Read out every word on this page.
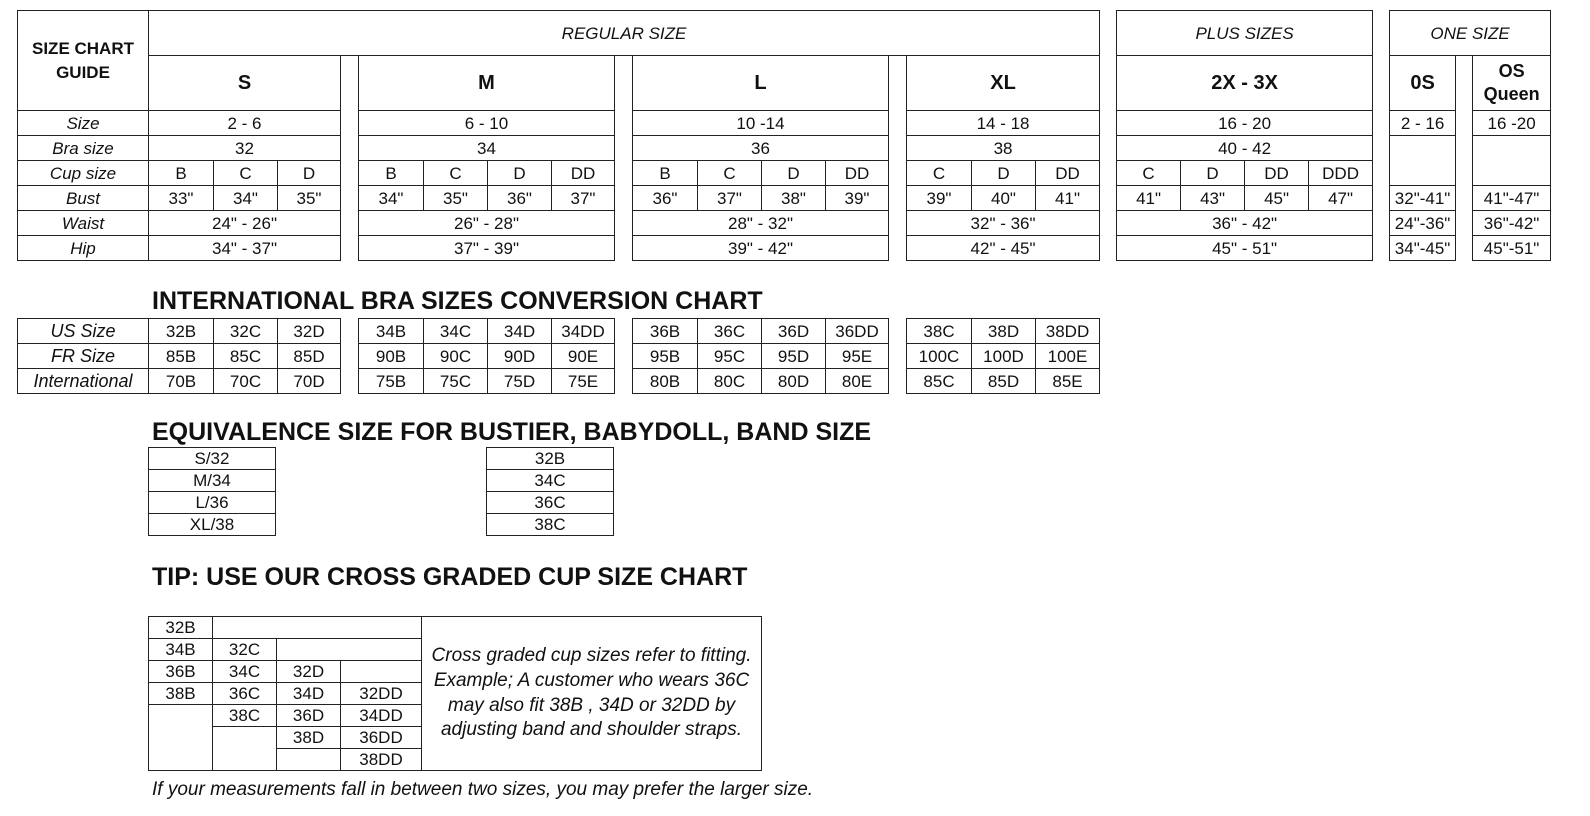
SIZE CHART GUIDE	REGULAR SIZE																		PLUS SIZES					ONE SIZE		
	S				M					L					XL				2X - 3X					0S		OS Queen
Size	2 - 6				6 - 10					10 -14					14 - 18				16 - 20					2 - 16		16 -20
Bra size	32				34					36					38				40 - 42							
Cup size	B	C	D		B	C	D	DD		B	C	D	DD		C	D	DD		C	D	DD	DDD				
Bust	33"	34"	35"		34"	35"	36"	37"		36"	37"	38"	39"		39"	40"	41"		41"	43"	45"	47"		32"-41"		41"-47"
Waist	24" - 26"				26" - 28"					28" - 32"					32" - 36"				36" - 42"					24"-36"		36"-42"
Hip	34" - 37"				37" - 39"					39" - 42"					42" - 45"				45" - 51"					34"-45"		45"-51"
INTERNATIONAL BRA SIZES CONVERSION CHART
US Size	32B	32C	32D		34B	34C	34D	34DD		36B	36C	36D	36DD		38C	38D	38DD
FR Size	85B	85C	85D		90B	90C	90D	90E		95B	95C	95D	95E		100C	100D	100E
International	70B	70C	70D		75B	75C	75D	75E		80B	80C	80D	80E		85C	85D	85E
EQUIVALENCE SIZE FOR BUSTIER, BABYDOLL, BAND SIZE
S/32
M/34
L/36
XL/38
32B
34C
36C
38C
TIP: USE OUR CROSS GRADED CUP SIZE CHART
32B				Cross graded cup sizes refer to fitting. Example; A customer who wears 36C may also fit 38B , 34D or 32DD by adjusting band and shoulder straps.
34B	32C			
36B	34C	32D		
38B	36C	34D	32DD	
	38C	36D	34DD	
		38D	36DD	
			38DD	
If your measurements fall in between two sizes, you may prefer the larger size.
